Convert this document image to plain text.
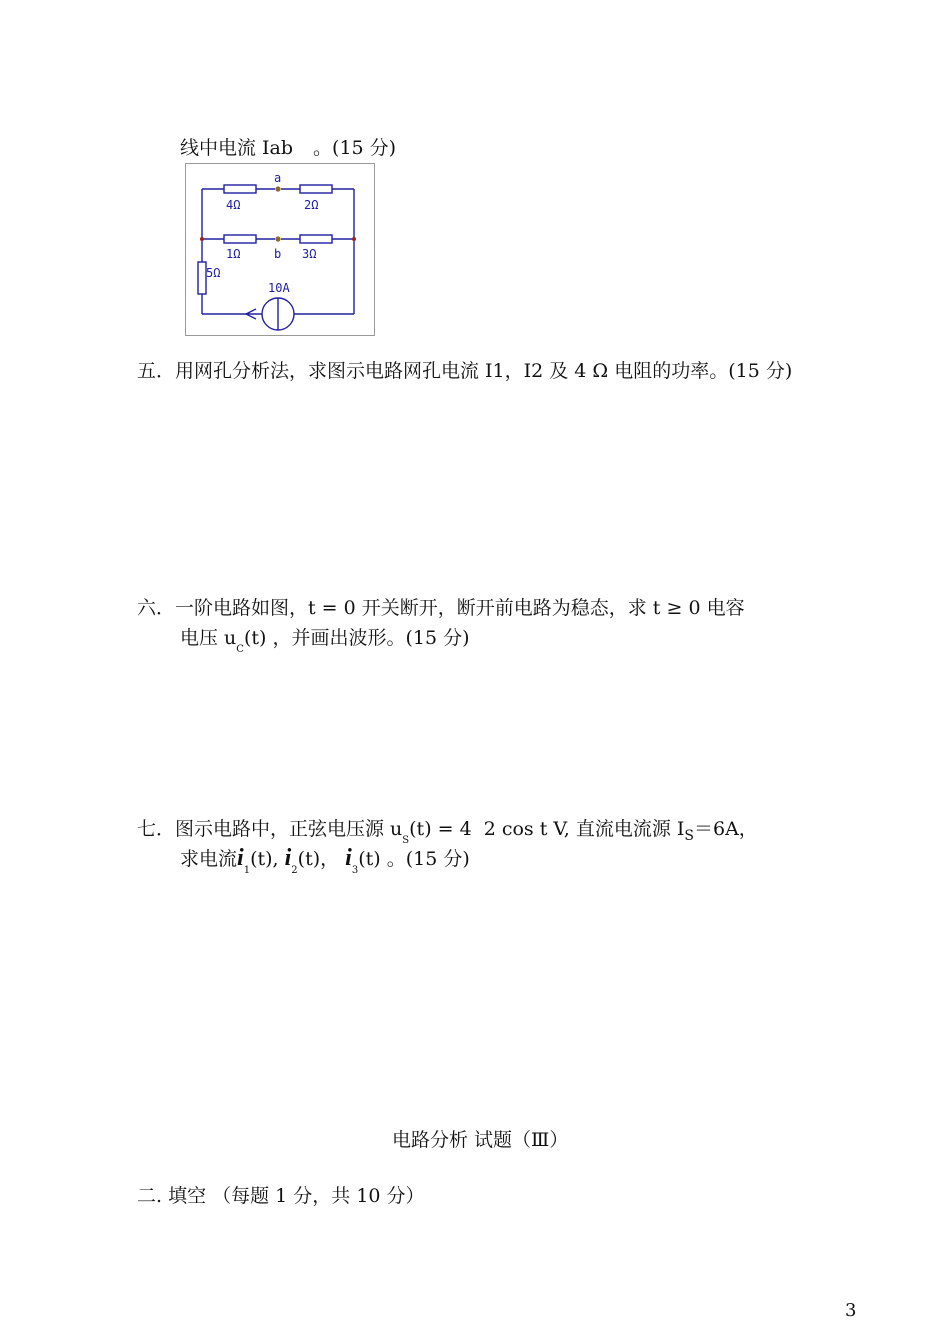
线中电流 Iab 。(15 分)
a
4Ω	2Ω
1Ω	b 3Ω
5Ω
10A
五．用网孔分析法，求图示电路网孔电流 I1，I2 及 4 Ω 电阻的功率。(15 分)
六．一阶电路如图，t = 0 开关断开，断开前电路为稳态，求 t ≥ 0 电容
电压 $u_C(t)$ ，并画出波形。(15 分)
七．图示电路中，正弦电压源 $u_S(t) = 4$ 2 cos t V, 直流电流源 $I_S=6A$，
求电流$i_1(t)$, $i_2(t)$， $i_3(t)$ 。(15 分)
电路分析 试题（Ⅲ）
二. 填空 （每题 1 分，共 10 分）
3
